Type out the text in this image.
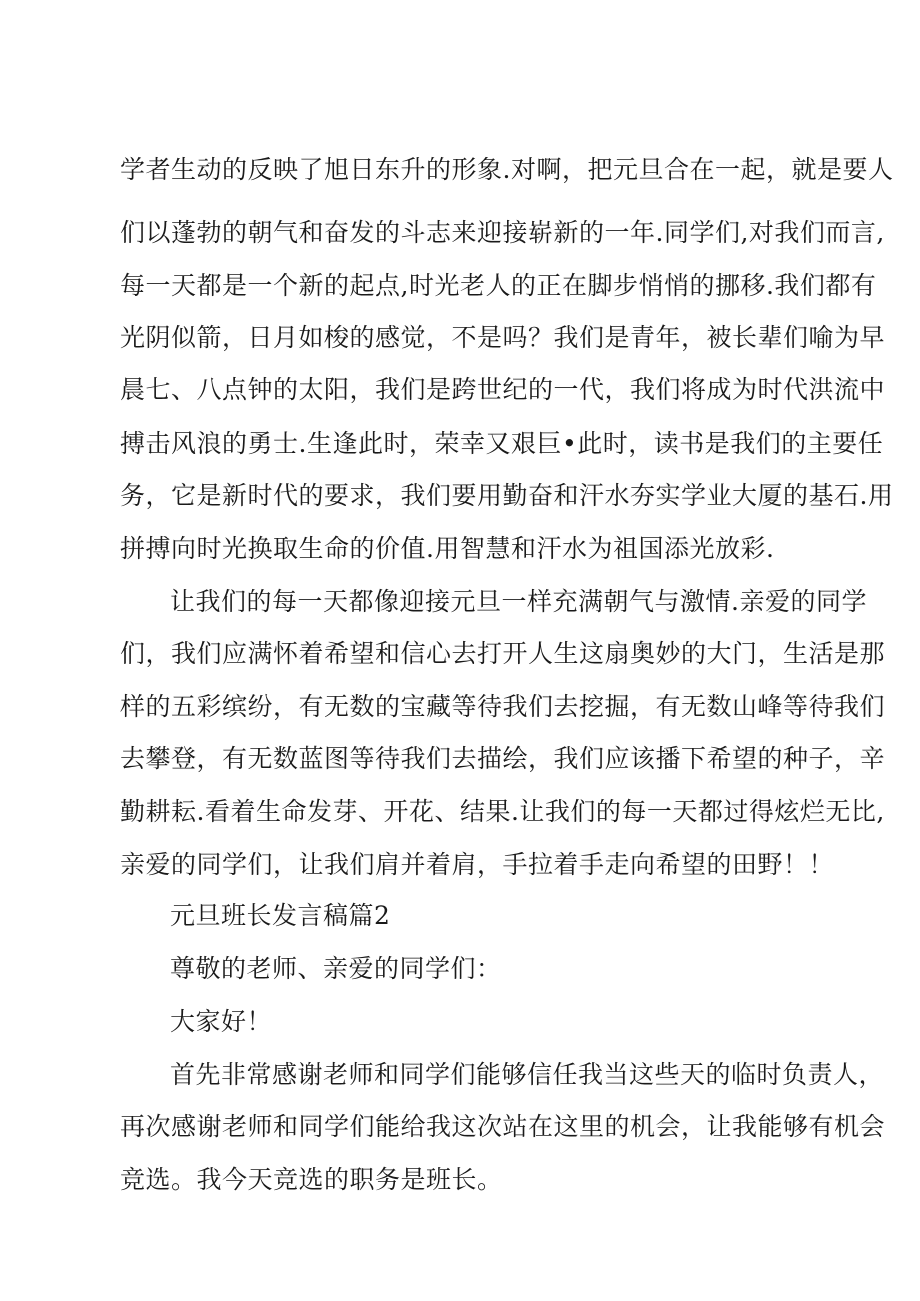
学者生动的反映了旭日东升的形象.对啊，把元旦合在一起，就是要人
们以蓬勃的朝气和奋发的斗志来迎接崭新的一年.同学们,对我们而言,
每一天都是一个新的起点,时光老人的正在脚步悄悄的挪移.我们都有
光阴似箭，日月如梭的感觉，不是吗？我们是青年，被长辈们喻为早
晨七、八点钟的太阳，我们是跨世纪的一代，我们将成为时代洪流中
搏击风浪的勇士.生逢此时，荣幸又艰巨•此时，读书是我们的主要任
务，它是新时代的要求，我们要用勤奋和汗水夯实学业大厦的基石.用
拼搏向时光换取生命的价值.用智慧和汗水为祖国添光放彩.
让我们的每一天都像迎接元旦一样充满朝气与激情.亲爱的同学
们，我们应满怀着希望和信心去打开人生这扇奥妙的大门，生活是那
样的五彩缤纷，有无数的宝藏等待我们去挖掘，有无数山峰等待我们
去攀登，有无数蓝图等待我们去描绘，我们应该播下希望的种子，辛
勤耕耘.看着生命发芽、开花、结果.让我们的每一天都过得炫烂无比,
亲爱的同学们，让我们肩并着肩，手拉着手走向希望的田野！！
元旦班长发言稿篇2
尊敬的老师、亲爱的同学们：
大家好！
首先非常感谢老师和同学们能够信任我当这些天的临时负责人，
再次感谢老师和同学们能给我这次站在这里的机会，让我能够有机会
竞选。我今天竞选的职务是班长。
